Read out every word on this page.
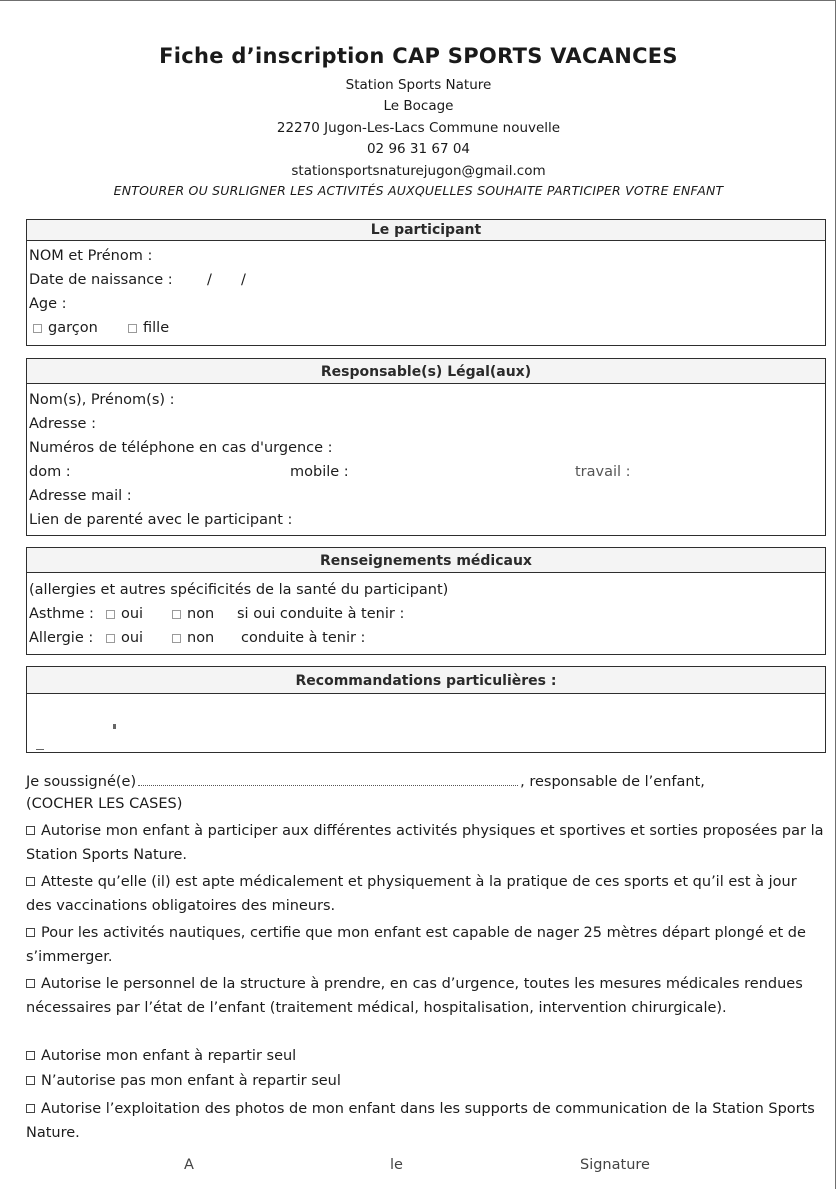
Fiche d’inscription CAP SPORTS VACANCES
Station Sports Nature
Le Bocage
22270 Jugon-Les-Lacs Commune nouvelle
02 96 31 67 04
stationsportsnaturejugon@gmail.com
ENTOURER OU SURLIGNER LES ACTIVITÉS AUXQUELLES SOUHAITE PARTICIPER VOTRE ENFANT
Le participant
NOM et Prénom :
Date de naissance : / /
Age :
garçon	fille
Responsable(s) Légal(aux)
Nom(s), Prénom(s) :
Adresse :
Numéros de téléphone en cas d'urgence :
dom :	mobile :	travail :
Adresse mail :
Lien de parenté avec le participant :
Renseignements médicaux
(allergies et autres spécificités de la santé du participant)
Asthme :	oui	non si oui conduite à tenir :
Allergie :	oui	non conduite à tenir :
Recommandations particulières :
Je soussigné(e)	, responsable de l’enfant,
(COCHER LES CASES)
Autorise mon enfant à participer aux différentes activités physiques et sportives et sorties proposées par la Station Sports Nature.
Atteste qu’elle (il) est apte médicalement et physiquement à la pratique de ces sports et qu’il est à jour des vaccinations obligatoires des mineurs.
Pour les activités nautiques, certifie que mon enfant est capable de nager 25 mètres départ plongé et de s’immerger.
Autorise le personnel de la structure à prendre, en cas d’urgence, toutes les mesures médicales rendues nécessaires par l’état de l’enfant (traitement médical, hospitalisation, intervention chirurgicale).
Autorise mon enfant à repartir seul
N’autorise pas mon enfant à repartir seul
Autorise l’exploitation des photos de mon enfant dans les supports de communication de la Station Sports Nature.
A	le	Signature
